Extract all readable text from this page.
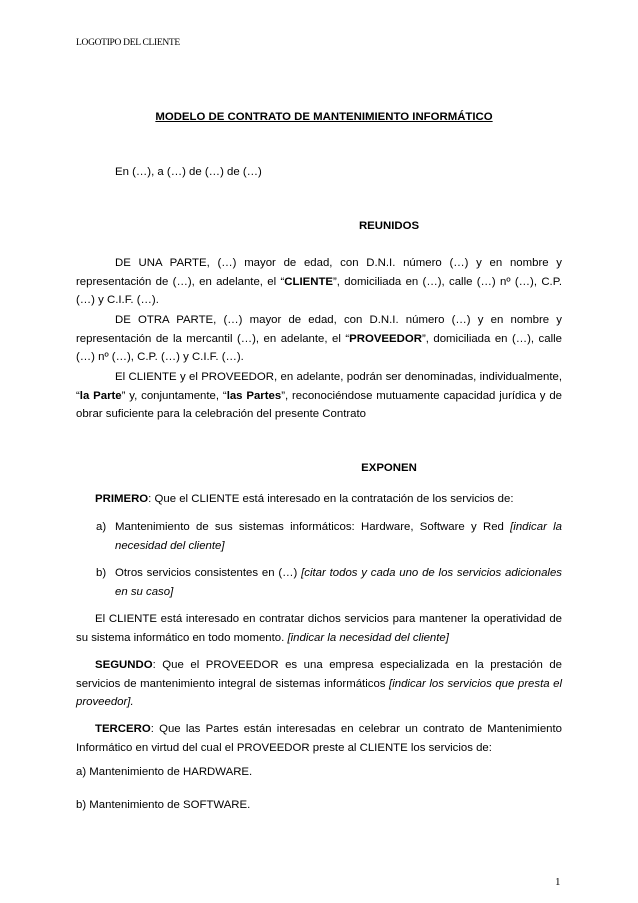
LOGOTIPO DEL CLIENTE
MODELO DE CONTRATO DE MANTENIMIENTO INFORMÁTICO
En (…), a (…) de (…) de (…)
REUNIDOS
DE UNA PARTE, (…) mayor de edad, con D.N.I. número (…) y en nombre y representación de (…), en adelante, el “CLIENTE”, domiciliada en (…), calle (…) nº (…), C.P. (…) y C.I.F. (…).
DE OTRA PARTE, (…) mayor de edad, con D.N.I. número (…) y en nombre y representación de la mercantil (…), en adelante, el “PROVEEDOR”, domiciliada en (…), calle (…) nº (…), C.P. (…) y C.I.F. (…).
El CLIENTE y el PROVEEDOR, en adelante, podrán ser denominadas, individualmente, “la Parte” y, conjuntamente, “las Partes”, reconociéndose mutuamente capacidad jurídica y de obrar suficiente para la celebración del presente Contrato
EXPONEN
PRIMERO: Que el CLIENTE está interesado en la contratación de los servicios de:
a) Mantenimiento de sus sistemas informáticos: Hardware, Software y Red [indicar la necesidad del cliente]
b) Otros servicios consistentes en (…) [citar todos y cada uno de los servicios adicionales en su caso]
El CLIENTE está interesado en contratar dichos servicios para mantener la operatividad de su sistema informático en todo momento. [indicar la necesidad del cliente]
SEGUNDO: Que el PROVEEDOR es una empresa especializada en la prestación de servicios de mantenimiento integral de sistemas informáticos [indicar los servicios que presta el proveedor].
TERCERO: Que las Partes están interesadas en celebrar un contrato de Mantenimiento Informático en virtud del cual el PROVEEDOR preste al CLIENTE los servicios de:
a) Mantenimiento de HARDWARE.
b) Mantenimiento de SOFTWARE.
1
